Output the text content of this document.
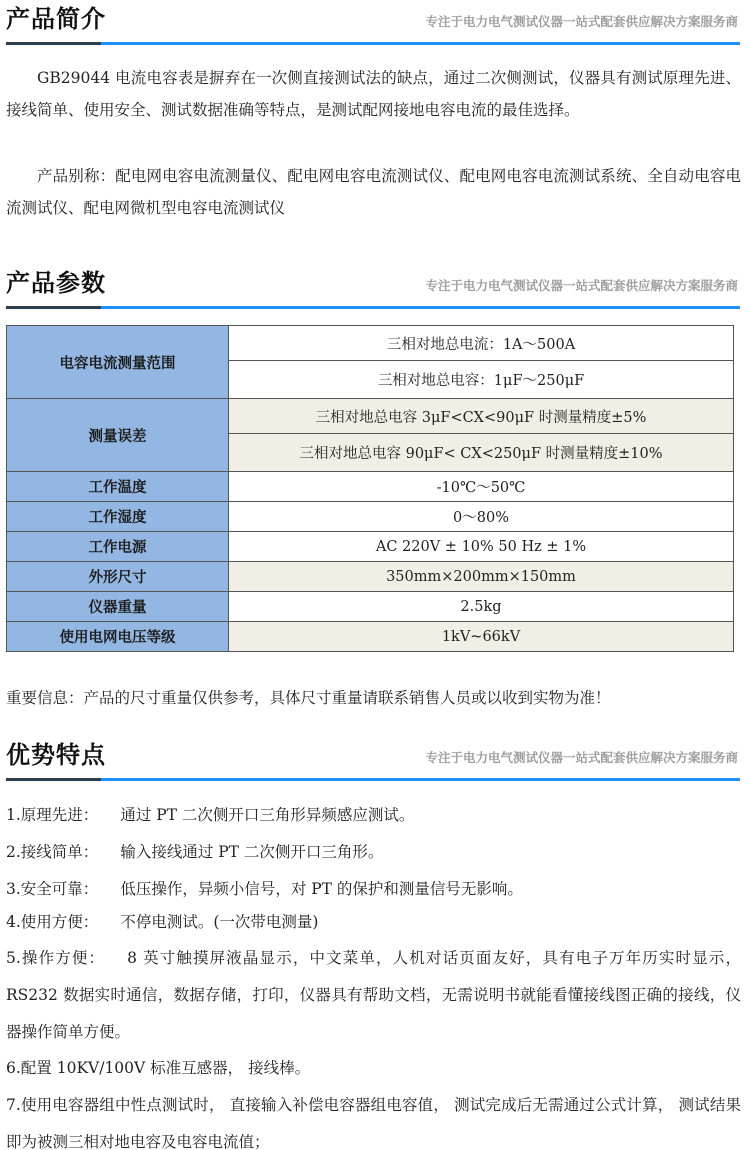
产品简介	专注于电力电气测试仪器一站式配套供应解决方案服务商
GB29044 电流电容表是摒弃在一次侧直接测试法的缺点，通过二次侧测试，仪器具有测试原理先进、接线简单、使用安全、测试数据准确等特点，是测试配网接地电容电流的最佳选择。
产品别称：配电网电容电流测量仪、配电网电容电流测试仪、配电网电容电流测试系统、全自动电容电流测试仪、配电网微机型电容电流测试仪
产品参数	专注于电力电气测试仪器一站式配套供应解决方案服务商
电容电流测量范围	三相对地总电流：1A～500A
	三相对地总电容：1μF～250μF
测量误差	三相对地总电容 3μF<CX<90μF 时测量精度±5%
	三相对地总电容 90μF< CX<250μF 时测量精度±10%
工作温度	-10℃～50℃
工作湿度	0～80%
工作电源	AC 220V ± 10% 50 Hz ± 1%
外形尺寸	350mm×200mm×150mm
仪器重量	2.5kg
使用电网电压等级	1kV~66kV
重要信息：产品的尺寸重量仅供参考，具体尺寸重量请联系销售人员或以收到实物为准！
优势特点	专注于电力电气测试仪器一站式配套供应解决方案服务商
1.原理先进： 通过 PT 二次侧开口三角形异频感应测试。
2.接线简单： 输入接线通过 PT 二次侧开口三角形。
3.安全可靠： 低压操作，异频小信号，对 PT 的保护和测量信号无影响。
4.使用方便： 不停电测试。(一次带电测量)
5.操作方便： 8 英寸触摸屏液晶显示，中文菜单，人机对话页面友好，具有电子万年历实时显示，RS232 数据实时通信，数据存储，打印，仪器具有帮助文档，无需说明书就能看懂接线图正确的接线，仪器操作简单方便。
6.配置 10KV/100V 标准互感器， 接线棒。
7.使用电容器组中性点测试时， 直接输入补偿电容器组电容值， 测试完成后无需通过公式计算， 测试结果即为被测三相对地电容及电容电流值；
